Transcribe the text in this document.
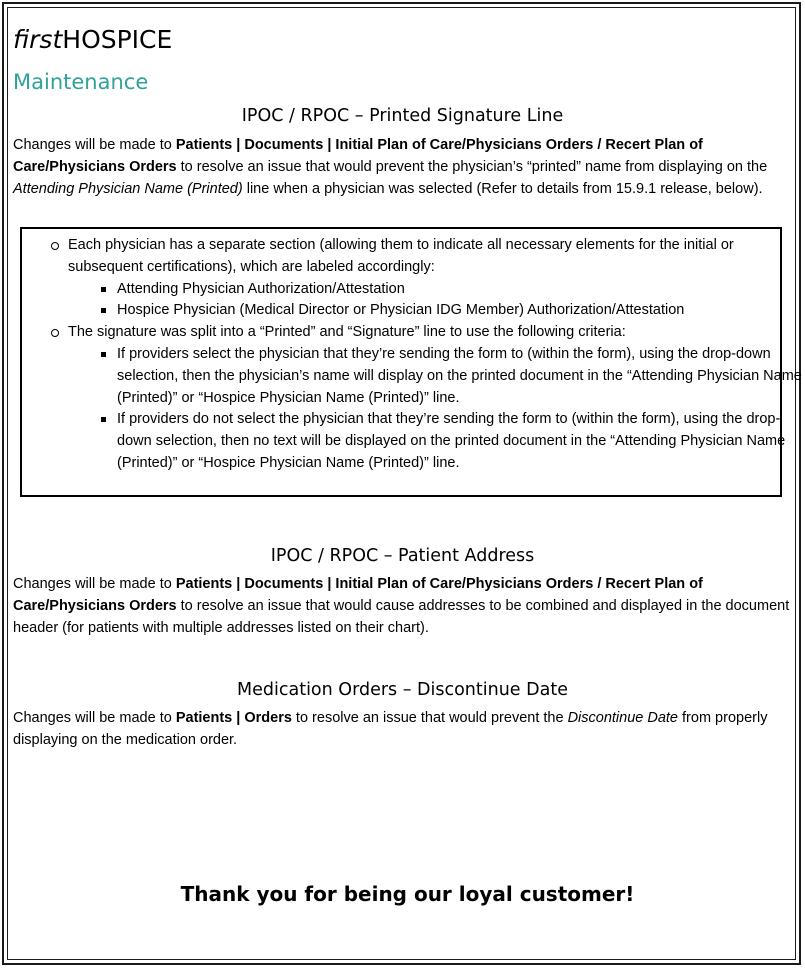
firstHOSPICE
Maintenance
IPOC / RPOC – Printed Signature Line

Changes will be made to Patients | Documents | Initial Plan of Care/Physicians Orders / Recert Plan of Care/Physicians Orders to resolve an issue that would prevent the physician’s “printed” name from displaying on the Attending Physician Name (Printed) line when a physician was selected (Refer to details from 15.9.1 release, below).

Each physician has a separate section (allowing them to indicate all necessary elements for the initial or subsequent certifications), which are labeled accordingly:
Attending Physician Authorization/Attestation
Hospice Physician (Medical Director or Physician IDG Member) Authorization/Attestation
The signature was split into a “Printed” and “Signature” line to use the following criteria:
If providers select the physician that they’re sending the form to (within the form), using the drop-down selection, then the physician’s name will display on the printed document in the “Attending Physician Name (Printed)” or “Hospice Physician Name (Printed)” line.
If providers do not select the physician that they’re sending the form to (within the form), using the drop-down selection, then no text will be displayed on the printed document in the “Attending Physician Name (Printed)” or “Hospice Physician Name (Printed)” line.
IPOC / RPOC – Patient Address

Changes will be made to Patients | Documents | Initial Plan of Care/Physicians Orders / Recert Plan of Care/Physicians Orders to resolve an issue that would cause addresses to be combined and displayed in the document header (for patients with multiple addresses listed on their chart).

Medication Orders – Discontinue Date

Changes will be made to Patients | Orders to resolve an issue that would prevent the Discontinue Date from properly displaying on the medication order.

Thank you for being our loyal customer!
